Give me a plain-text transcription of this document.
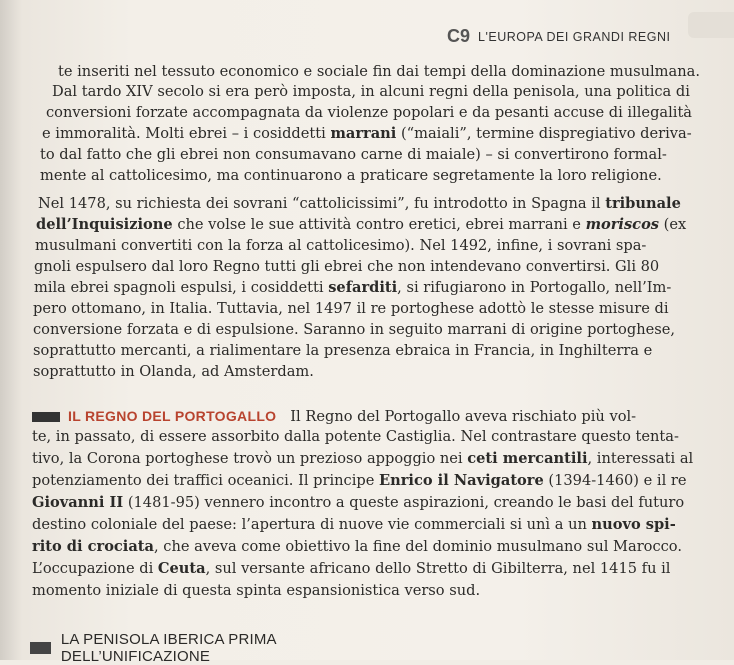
C9 L'EUROPA DEI GRANDI REGNI
te inseriti nel tessuto economico e sociale fin dai tempi della dominazione musulmana.
Dal tardo XIV secolo si era però imposta, in alcuni regni della penisola, una politica di
conversioni forzate accompagnata da violenze popolari e da pesanti accuse di illegalità
e immoralità. Molti ebrei – i cosiddetti marrani (“maiali”, termine dispregiativo deriva-
to dal fatto che gli ebrei non consumavano carne di maiale) – si convertirono formal-
mente al cattolicesimo, ma continuarono a praticare segretamente la loro religione.
Nel 1478, su richiesta dei sovrani “cattolicissimi”, fu introdotto in Spagna il tribunale
dell’Inquisizione che volse le sue attività contro eretici, ebrei marrani e moriscos (ex
musulmani convertiti con la forza al cattolicesimo). Nel 1492, infine, i sovrani spa-
gnoli espulsero dal loro Regno tutti gli ebrei che non intendevano convertirsi. Gli 80
mila ebrei spagnoli espulsi, i cosiddetti sefarditi, si rifugiarono in Portogallo, nell’Im-
pero ottomano, in Italia. Tuttavia, nel 1497 il re portoghese adottò le stesse misure di
conversione forzata e di espulsione. Saranno in seguito marrani di origine portoghese,
soprattutto mercanti, a rialimentare la presenza ebraica in Francia, in Inghilterra e
soprattutto in Olanda, ad Amsterdam.
IL REGNO DEL PORTOGALLO Il Regno del Portogallo aveva rischiato più vol-
te, in passato, di essere assorbito dalla potente Castiglia. Nel contrastare questo tenta-
tivo, la Corona portoghese trovò un prezioso appoggio nei ceti mercantili, interessati al
potenziamento dei traffici oceanici. Il principe Enrico il Navigatore (1394-1460) e il re
Giovanni II (1481-95) vennero incontro a queste aspirazioni, creando le basi del futuro
destino coloniale del paese: l’apertura di nuove vie commerciali si unì a un nuovo spi-
rito di crociata, che aveva come obiettivo la fine del dominio musulmano sul Marocco.
L’occupazione di Ceuta, sul versante africano dello Stretto di Gibilterra, nel 1415 fu il
momento iniziale di questa spinta espansionistica verso sud.
LA PENISOLA IBERICA PRIMA DELL’UNIFICAZIONE
